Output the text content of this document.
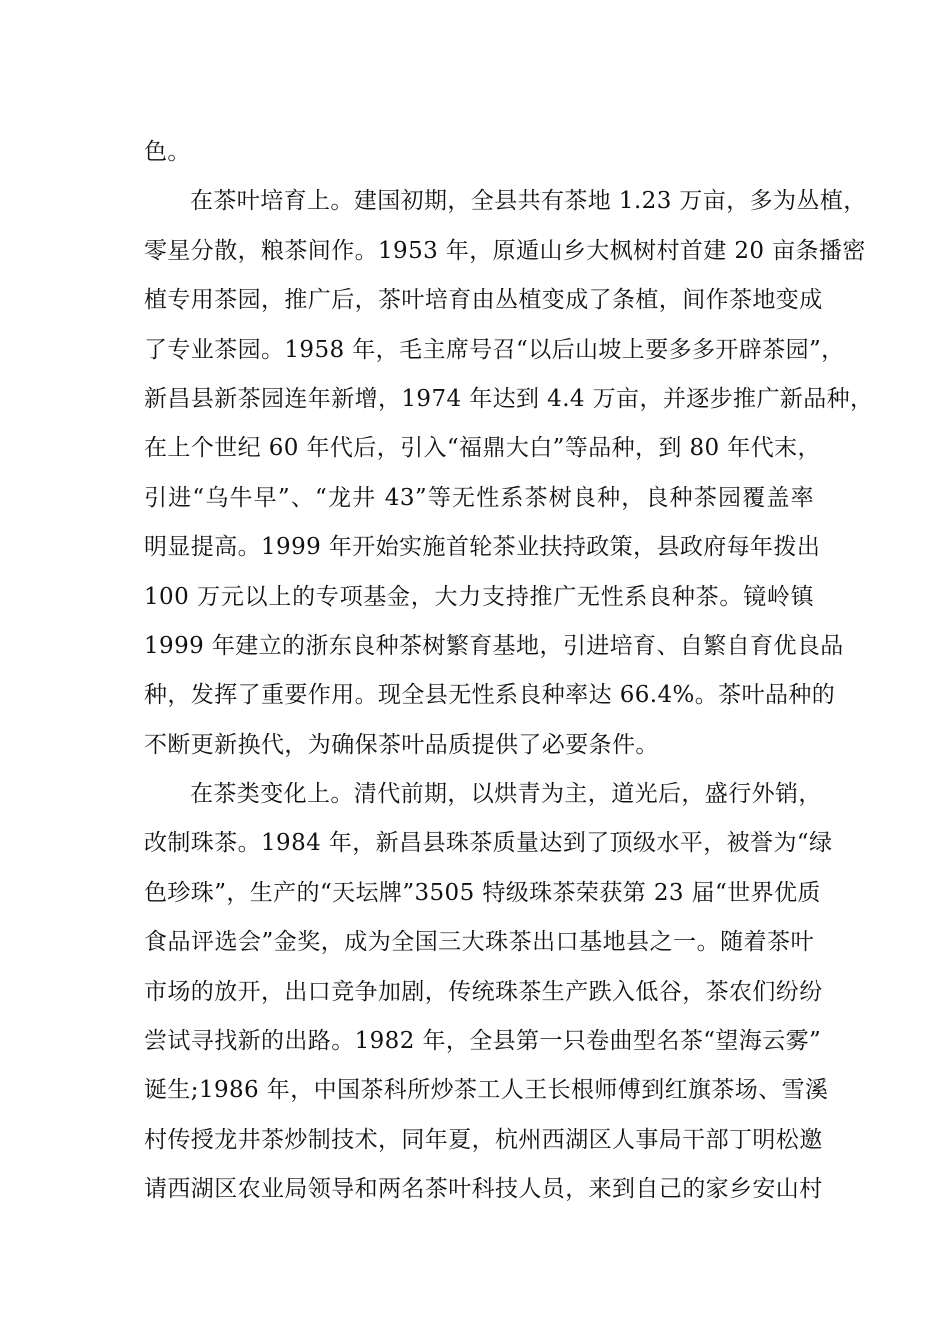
色。
在茶叶培育上。建国初期，全县共有茶地 1.23 万亩，多为丛植，
零星分散，粮茶间作。1953 年，原遁山乡大枫树村首建 20 亩条播密
植专用茶园，推广后，茶叶培育由丛植变成了条植，间作茶地变成
了专业茶园。1958 年，毛主席号召“以后山坡上要多多开辟茶园”，
新昌县新茶园连年新增，1974 年达到 4.4 万亩，并逐步推广新品种，
在上个世纪 60 年代后，引入“福鼎大白”等品种，到 80 年代末，
引进“乌牛早”、“龙井 43”等无性系茶树良种，良种茶园覆盖率
明显提高。1999 年开始实施首轮茶业扶持政策，县政府每年拨出
100 万元以上的专项基金，大力支持推广无性系良种茶。镜岭镇
1999 年建立的浙东良种茶树繁育基地，引进培育、自繁自育优良品
种，发挥了重要作用。现全县无性系良种率达 66.4%。茶叶品种的
不断更新换代，为确保茶叶品质提供了必要条件。
在茶类变化上。清代前期，以烘青为主，道光后，盛行外销，
改制珠茶。1984 年，新昌县珠茶质量达到了顶级水平，被誉为“绿
色珍珠”，生产的“天坛牌”3505 特级珠茶荣获第 23 届“世界优质
食品评选会”金奖，成为全国三大珠茶出口基地县之一。随着茶叶
市场的放开，出口竞争加剧，传统珠茶生产跌入低谷，茶农们纷纷
尝试寻找新的出路。1982 年，全县第一只卷曲型名茶“望海云雾”
诞生;1986 年，中国茶科所炒茶工人王长根师傅到红旗茶场、雪溪
村传授龙井茶炒制技术，同年夏，杭州西湖区人事局干部丁明松邀
请西湖区农业局领导和两名茶叶科技人员，来到自己的家乡安山村
